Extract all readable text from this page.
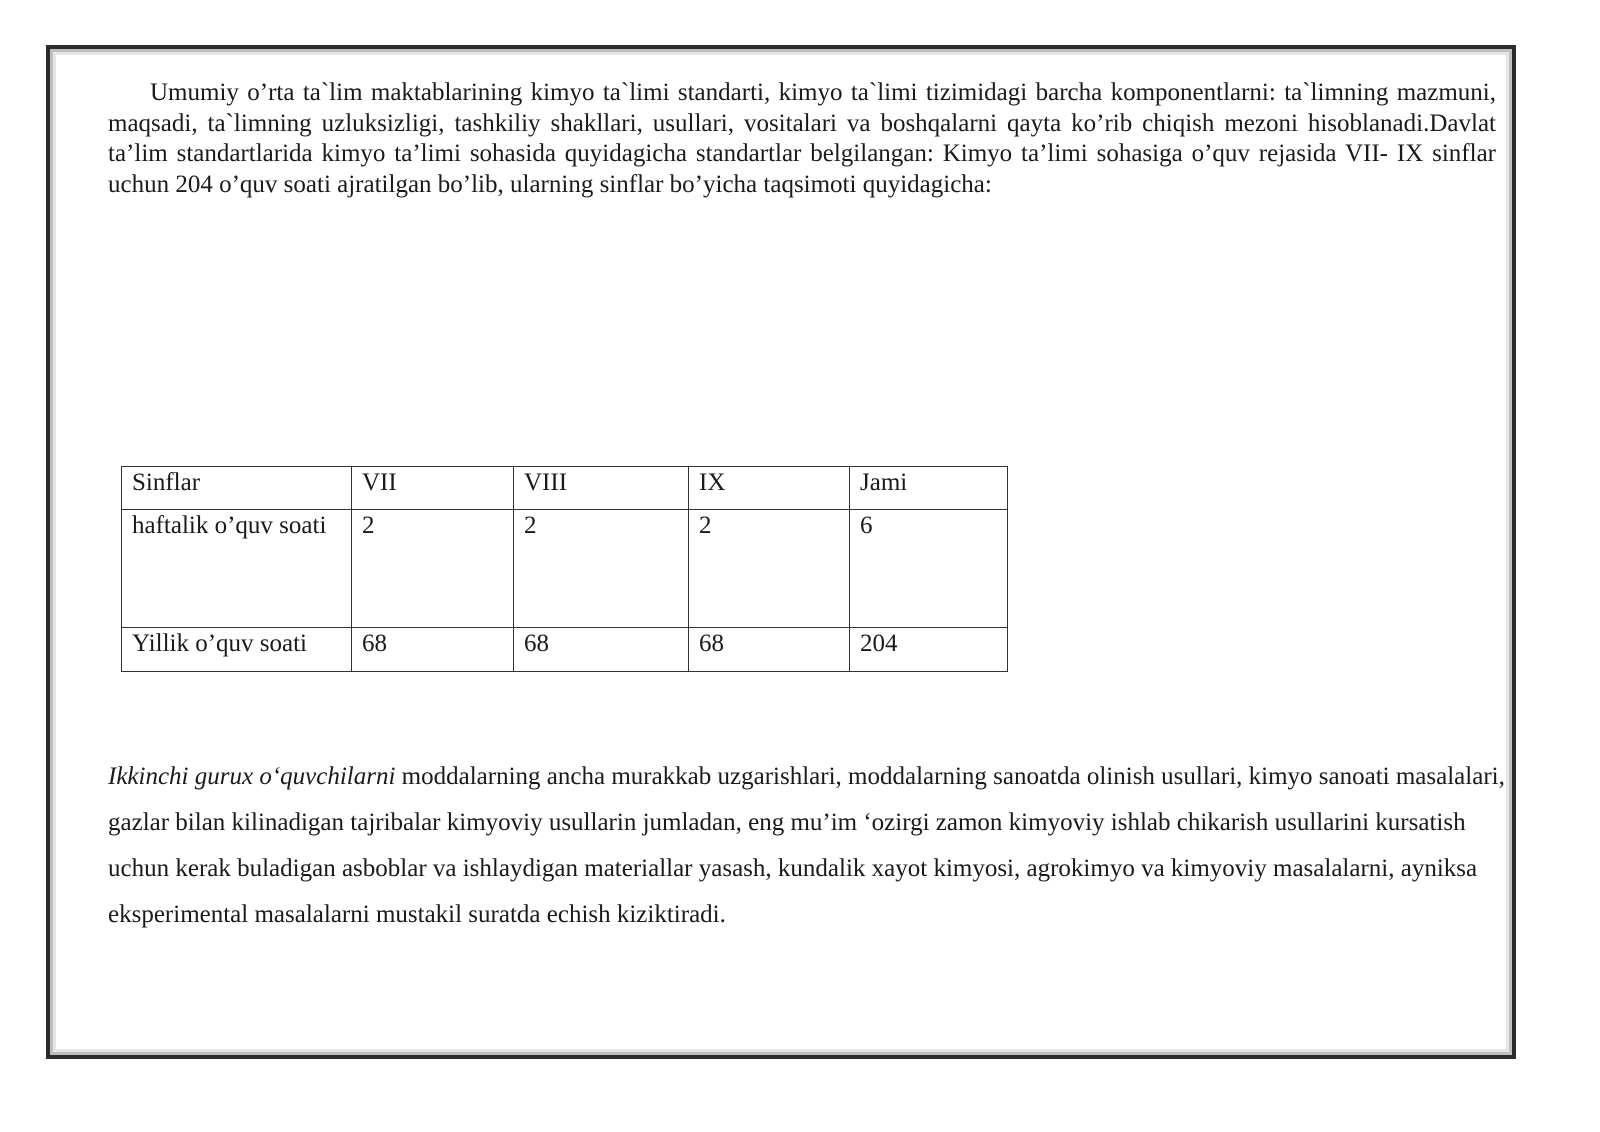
Umumiy o’rta ta`lim maktablarining kimyo ta`limi standarti, kimyo ta`limi tizimidagi barcha komponentlarni: ta`limning mazmuni, maqsadi, ta`limning uzluksizligi, tashkiliy shakllari, usullari, vositalari va boshqalarni qayta ko’rib chiqish mezoni hisoblanadi.Davlat ta’lim standartlarida kimyo ta’limi sohasida quyidagicha standartlar belgilangan: Kimyo ta’limi sohasiga o’quv rejasida VII- IX sinflar uchun 204 o’quv soati ajratilgan bo’lib, ularning sinflar bo’yicha taqsimoti quyidagicha:

Sinflar	VII	VIII	IX	Jami
haftalik o’quv soati	2	2	2	6
Yillik o’quv soati	68	68	68	204

Ikkinchi gurux o‘quvchilarni moddalarning ancha murakkab uzgarishlari, moddalarning sanoatda olinish usullari, kimyo sanoati masalalari, gazlar bilan kilinadigan tajribalar kimyoviy usullarin jumladan, eng mu’im ‘ozirgi zamon kimyoviy ishlab chikarish usullarini kursatish uchun kerak buladigan asboblar va ishlaydigan materiallar yasash, kundalik xayot kimyosi, agrokimyo va kimyoviy masalalarni, ayniksa eksperimental masalalarni mustakil suratda echish kiziktiradi.
